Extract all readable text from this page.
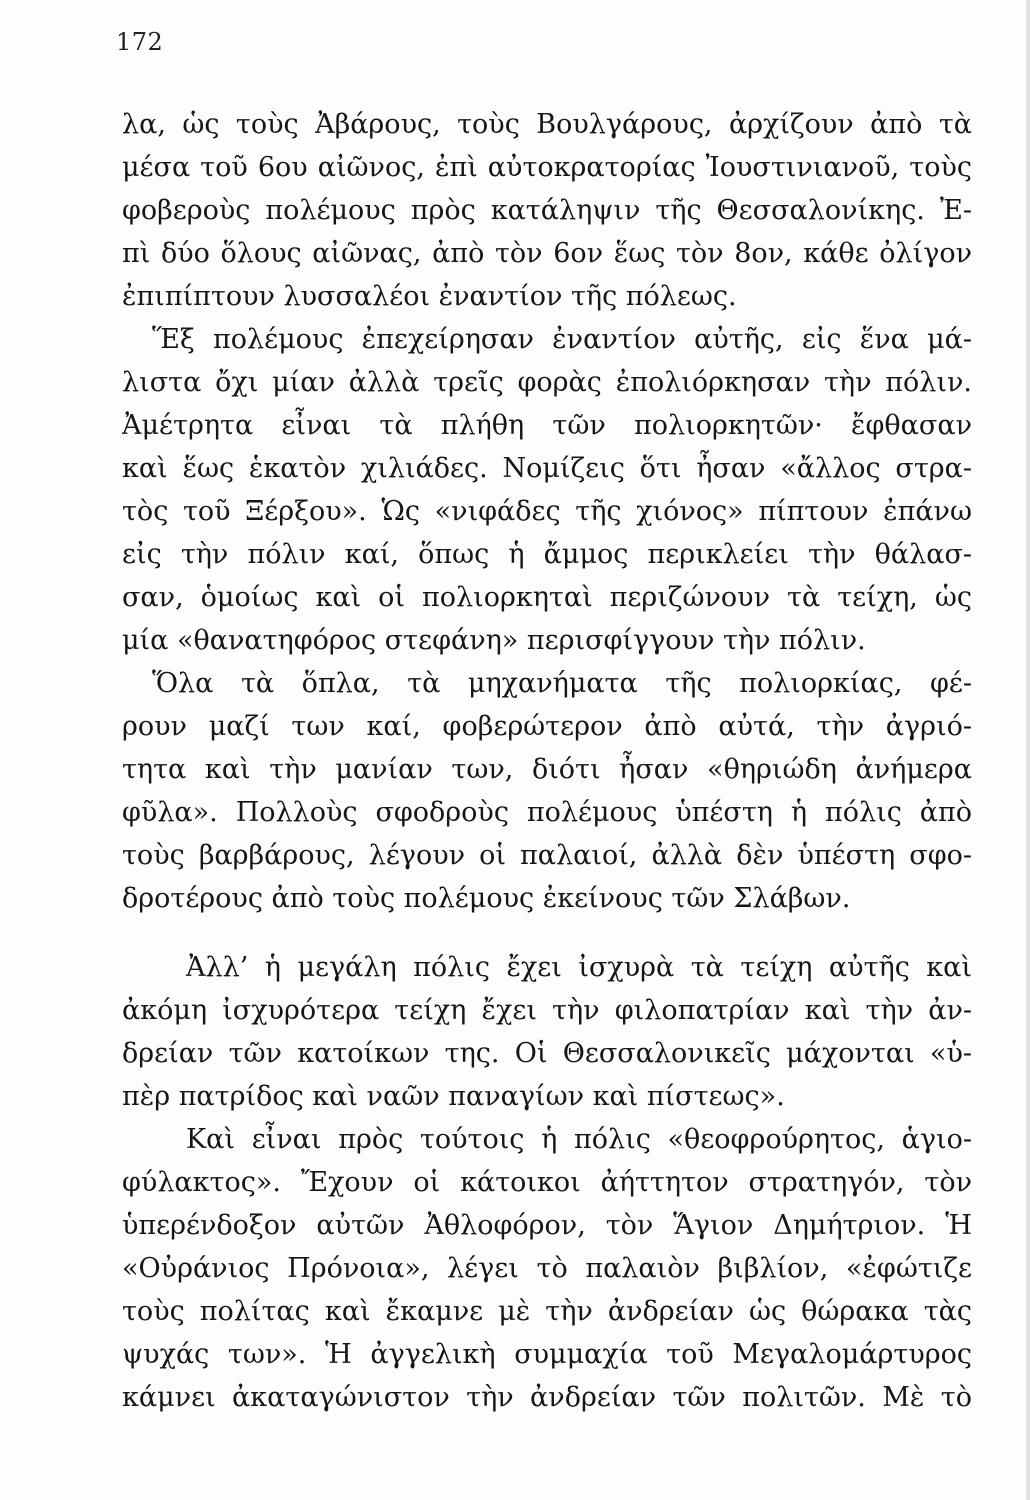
172
λα, ὡς τοὺς Ἀβάρους, τοὺς Βουλγάρους, ἀρχίζουν ἀπὸ τὰ
μέσα τοῦ 6ου αἰῶνος, ἐπὶ αὐτοκρατορίας Ἰουστινιανοῦ, τοὺς
φοβεροὺς πολέμους πρὸς κατάληψιν τῆς Θεσσαλονίκης. Ἐ-
πὶ δύο ὅλους αἰῶνας, ἀπὸ τὸν 6ον ἕως τὸν 8ον, κάθε ὀλίγον
ἐπιπίπτουν λυσσαλέοι ἐναντίον τῆς πόλεως.
Ἕξ πολέμους ἐπεχείρησαν ἐναντίον αὐτῆς, εἰς ἕνα μά-
λιστα ὄχι μίαν ἀλλὰ τρεῖς φορὰς ἐπολιόρκησαν τὴν πόλιν.
Ἀμέτρητα εἶναι τὰ πλήθη τῶν πολιορκητῶν· ἔφθασαν
καὶ ἕως ἑκατὸν χιλιάδες. Νομίζεις ὅτι ἦσαν «ἄλλος στρα-
τὸς τοῦ Ξέρξου». Ὡς «νιφάδες τῆς χιόνος» πίπτουν ἐπάνω
εἰς τὴν πόλιν καί, ὅπως ἡ ἄμμος περικλείει τὴν θάλασ-
σαν, ὁμοίως καὶ οἱ πολιορκηταὶ περιζώνουν τὰ τείχη, ὡς
μία «θανατηφόρος στεφάνη» περισφίγγουν τὴν πόλιν.
Ὅλα τὰ ὅπλα, τὰ μηχανήματα τῆς πολιορκίας, φέ-
ρουν μαζί των καί, φοβερώτερον ἀπὸ αὐτά, τὴν ἀγριό-
τητα καὶ τὴν μανίαν των, διότι ἦσαν «θηριώδη ἀνήμερα
φῦλα». Πολλοὺς σφοδροὺς πολέμους ὑπέστη ἡ πόλις ἀπὸ
τοὺς βαρβάρους, λέγουν οἱ παλαιοί, ἀλλὰ δὲν ὑπέστη σφο-
δροτέρους ἀπὸ τοὺς πολέμους ἐκείνους τῶν Σλάβων.
Ἀλλ’ ἡ μεγάλη πόλις ἔχει ἰσχυρὰ τὰ τείχη αὐτῆς καὶ
ἀκόμη ἰσχυρότερα τείχη ἔχει τὴν φιλοπατρίαν καὶ τὴν ἀν-
δρείαν τῶν κατοίκων της. Οἱ Θεσσαλονικεῖς μάχονται «ὑ-
πὲρ πατρίδος καὶ ναῶν παναγίων καὶ πίστεως».
Καὶ εἶναι πρὸς τούτοις ἡ πόλις «θεοφρούρητος, ἁγιο-
φύλακτος». Ἔχουν οἱ κάτοικοι ἀήττητον στρατηγόν, τὸν
ὑπερένδοξον αὐτῶν Ἀθλοφόρον, τὸν Ἅγιον Δημήτριον. Ἡ
«Οὐράνιος Πρόνοια», λέγει τὸ παλαιὸν βιβλίον, «ἐφώτιζε
τοὺς πολίτας καὶ ἔκαμνε μὲ τὴν ἀνδρείαν ὡς θώρακα τὰς
ψυχάς των». Ἡ ἀγγελικὴ συμμαχία τοῦ Μεγαλομάρτυρος
κάμνει ἀκαταγώνιστον τὴν ἀνδρείαν τῶν πολιτῶν. Μὲ τὸ
